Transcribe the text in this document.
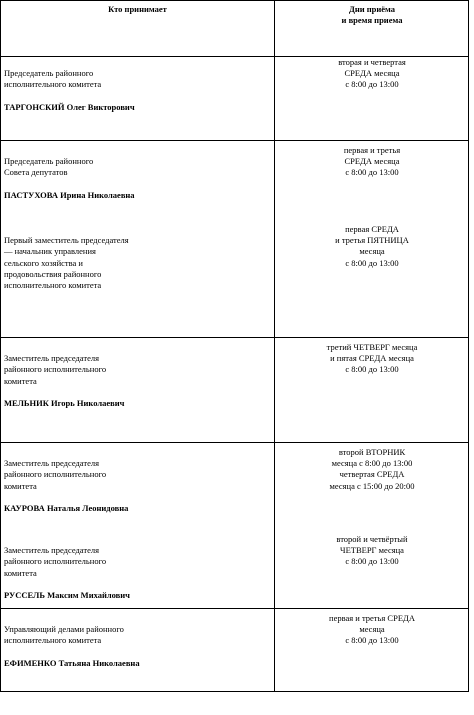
Кто принимает	Дни приёма
и время приема

Председатель районного
исполнительного комитета

ТАРГОНСКИЙ Олег Викторович

вторая и четвертая
СРЕДА месяца
с 8:00 до 13:00

Председатель районного
Совета депутатов

ПАСТУХОВА Ирина Николаевна

первая и третья
СРЕДА месяца
с 8:00 до 13:00

Первый заместитель председателя
— начальник управления
сельского хозяйства и
продовольствия районного
исполнительного комитета

первая СРЕДА
и третья ПЯТНИЦА
месяца
с 8:00 до 13:00

Заместитель председателя
районного исполнительного
комитета

МЕЛЬНИК Игорь Николаевич

третий ЧЕТВЕРГ месяца
и пятая СРЕДА месяца
с 8:00 до 13:00

Заместитель председателя
районного исполнительного
комитета

КАУРОВА Наталья Леонидовна

второй ВТОРНИК
месяца с 8:00 до 13:00
четвертая СРЕДА
месяца с 15:00 до 20:00

Заместитель председателя
районного исполнительного
комитета

РУССЕЛЬ Максим Михайлович

второй и четвёртый
ЧЕТВЕРГ месяца
с 8:00 до 13:00

Управляющий делами районного
исполнительного комитета

ЕФИМЕНКО Татьяна Николаевна

первая и третья СРЕДА
месяца
с 8:00 до 13:00
